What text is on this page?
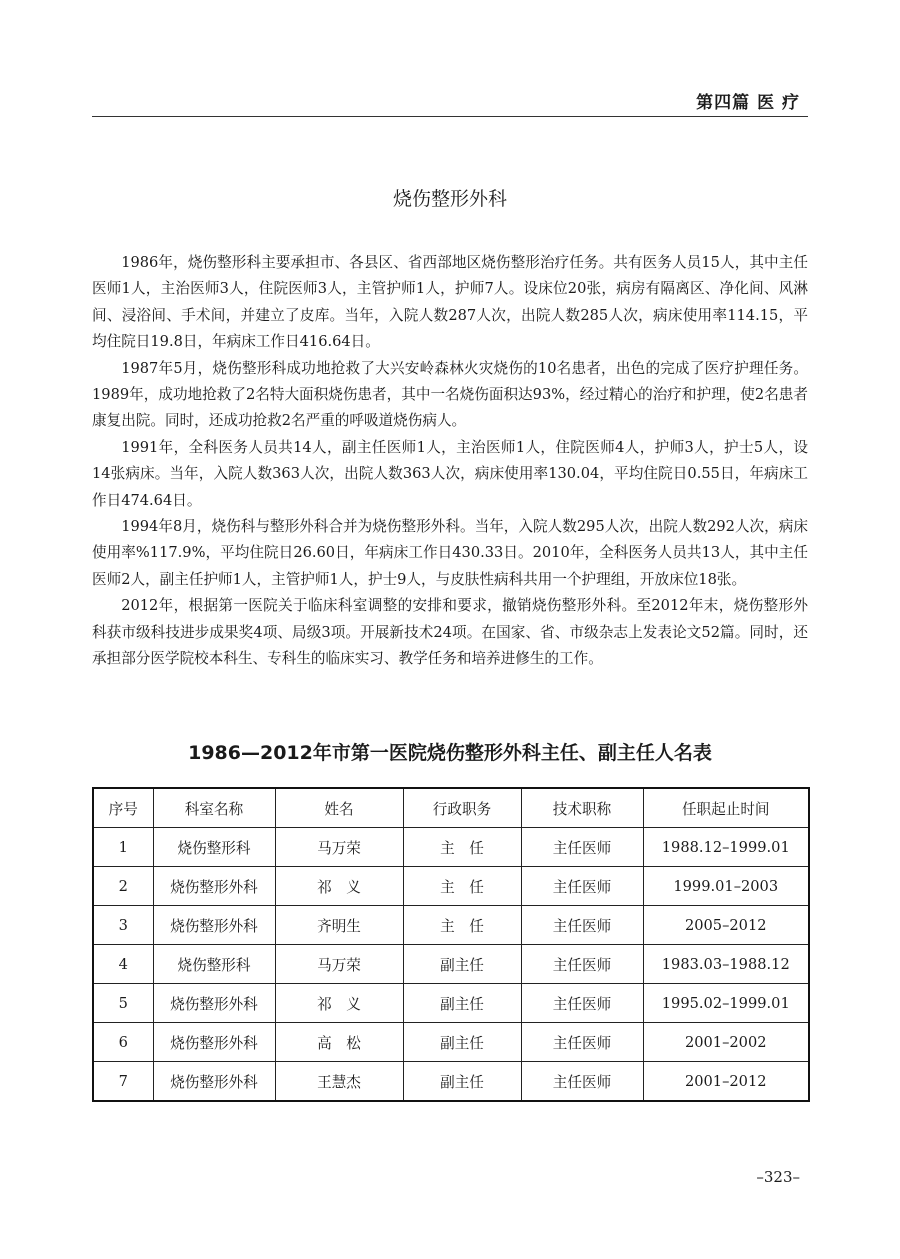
第四篇 医 疗
烧伤整形外科

1986年，烧伤整形科主要承担市、各县区、省西部地区烧伤整形治疗任务。共有医务人员15人，其中主任医师1人，主治医师3人，住院医师3人，主管护师1人，护师7人。设床位20张，病房有隔离区、净化间、风淋间、浸浴间、手术间，并建立了皮库。当年，入院人数287人次，出院人数285人次，病床使用率114.15，平均住院日19.8日，年病床工作日416.64日。

1987年5月，烧伤整形科成功地抢救了大兴安岭森林火灾烧伤的10名患者，出色的完成了医疗护理任务。1989年，成功地抢救了2名特大面积烧伤患者，其中一名烧伤面积达93%，经过精心的治疗和护理，使2名患者康复出院。同时，还成功抢救2名严重的呼吸道烧伤病人。

1991年，全科医务人员共14人，副主任医师1人，主治医师1人，住院医师4人，护师3人，护士5人，设14张病床。当年，入院人数363人次，出院人数363人次，病床使用率130.04，平均住院日0.55日，年病床工作日474.64日。

1994年8月，烧伤科与整形外科合并为烧伤整形外科。当年，入院人数295人次，出院人数292人次，病床使用率%117.9%，平均住院日26.60日，年病床工作日430.33日。2010年，全科医务人员共13人，其中主任医师2人，副主任护师1人，主管护师1人，护士9人，与皮肤性病科共用一个护理组，开放床位18张。

2012年，根据第一医院关于临床科室调整的安排和要求，撤销烧伤整形外科。至2012年末，烧伤整形外科获市级科技进步成果奖4项、局级3项。开展新技术24项。在国家、省、市级杂志上发表论文52篇。同时，还承担部分医学院校本科生、专科生的临床实习、教学任务和培养进修生的工作。

1986—2012年市第一医院烧伤整形外科主任、副主任人名表
序号	科室名称	姓名	行政职务	技术职称	任职起止时间
1	烧伤整形科	马万荣	主　任	主任医师	1988.12–1999.01
2	烧伤整形外科	祁　义	主　任	主任医师	1999.01–2003
3	烧伤整形外科	齐明生	主　任	主任医师	2005–2012
4	烧伤整形科	马万荣	副主任	主任医师	1983.03–1988.12
5	烧伤整形外科	祁　义	副主任	主任医师	1995.02–1999.01
6	烧伤整形外科	高　松	副主任	主任医师	2001–2002
7	烧伤整形外科	王慧杰	副主任	主任医师	2001–2012
–323–
